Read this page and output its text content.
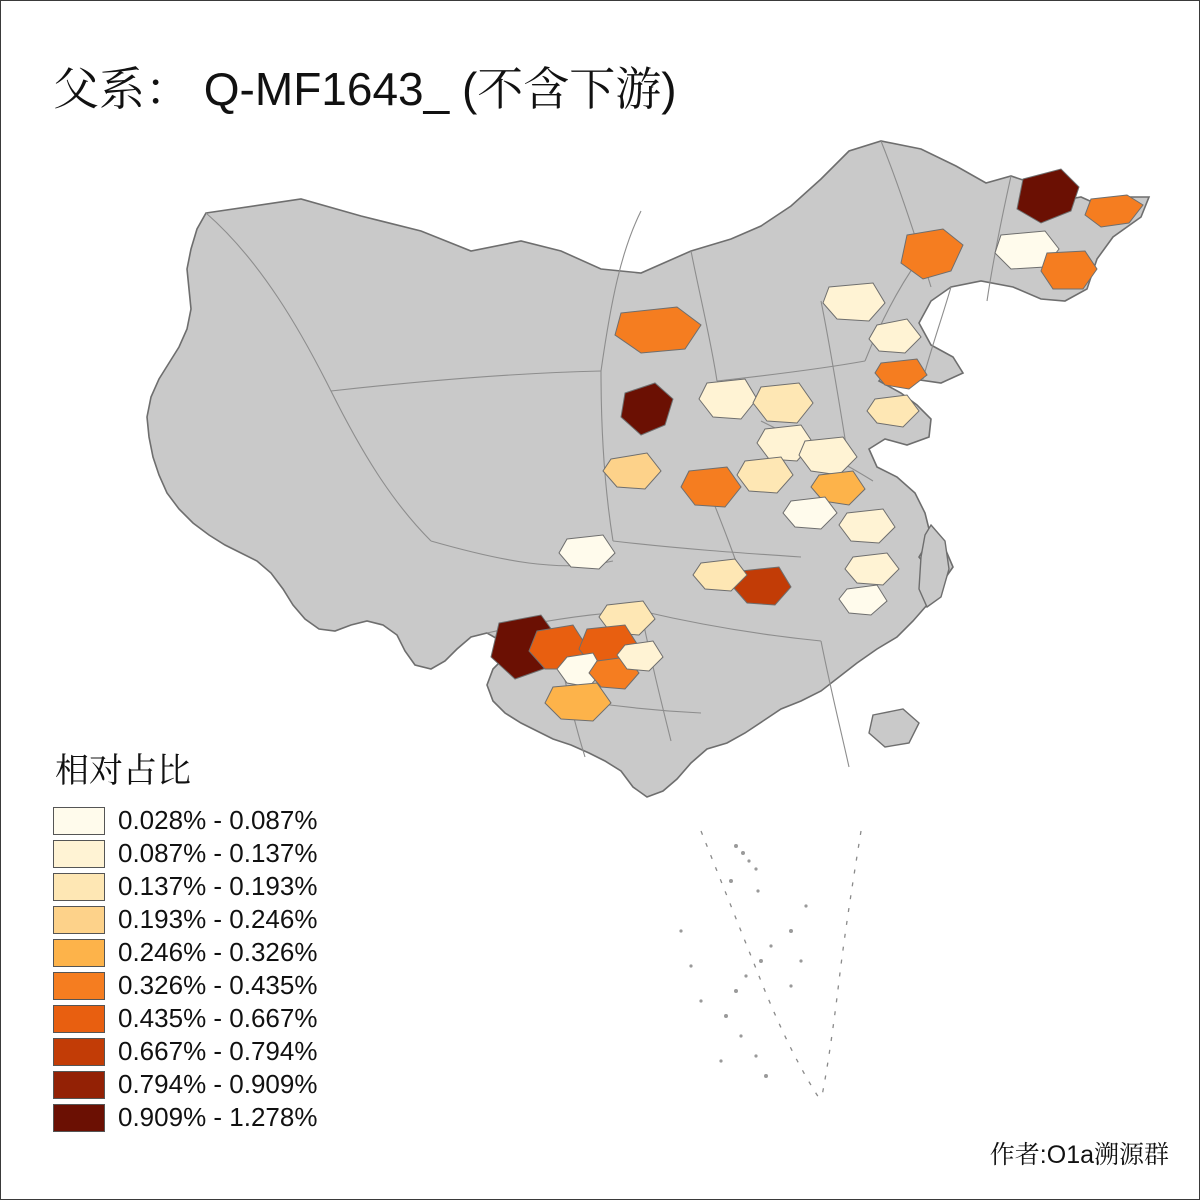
父系： Q-MF1643_ (不含下游)
相对占比
0.028% - 0.087%
0.087% - 0.137%
0.137% - 0.193%
0.193% - 0.246%
0.246% - 0.326%
0.326% - 0.435%
0.435% - 0.667%
0.667% - 0.794%
0.794% - 0.909%
0.909% - 1.278%
作者:O1a溯源群
